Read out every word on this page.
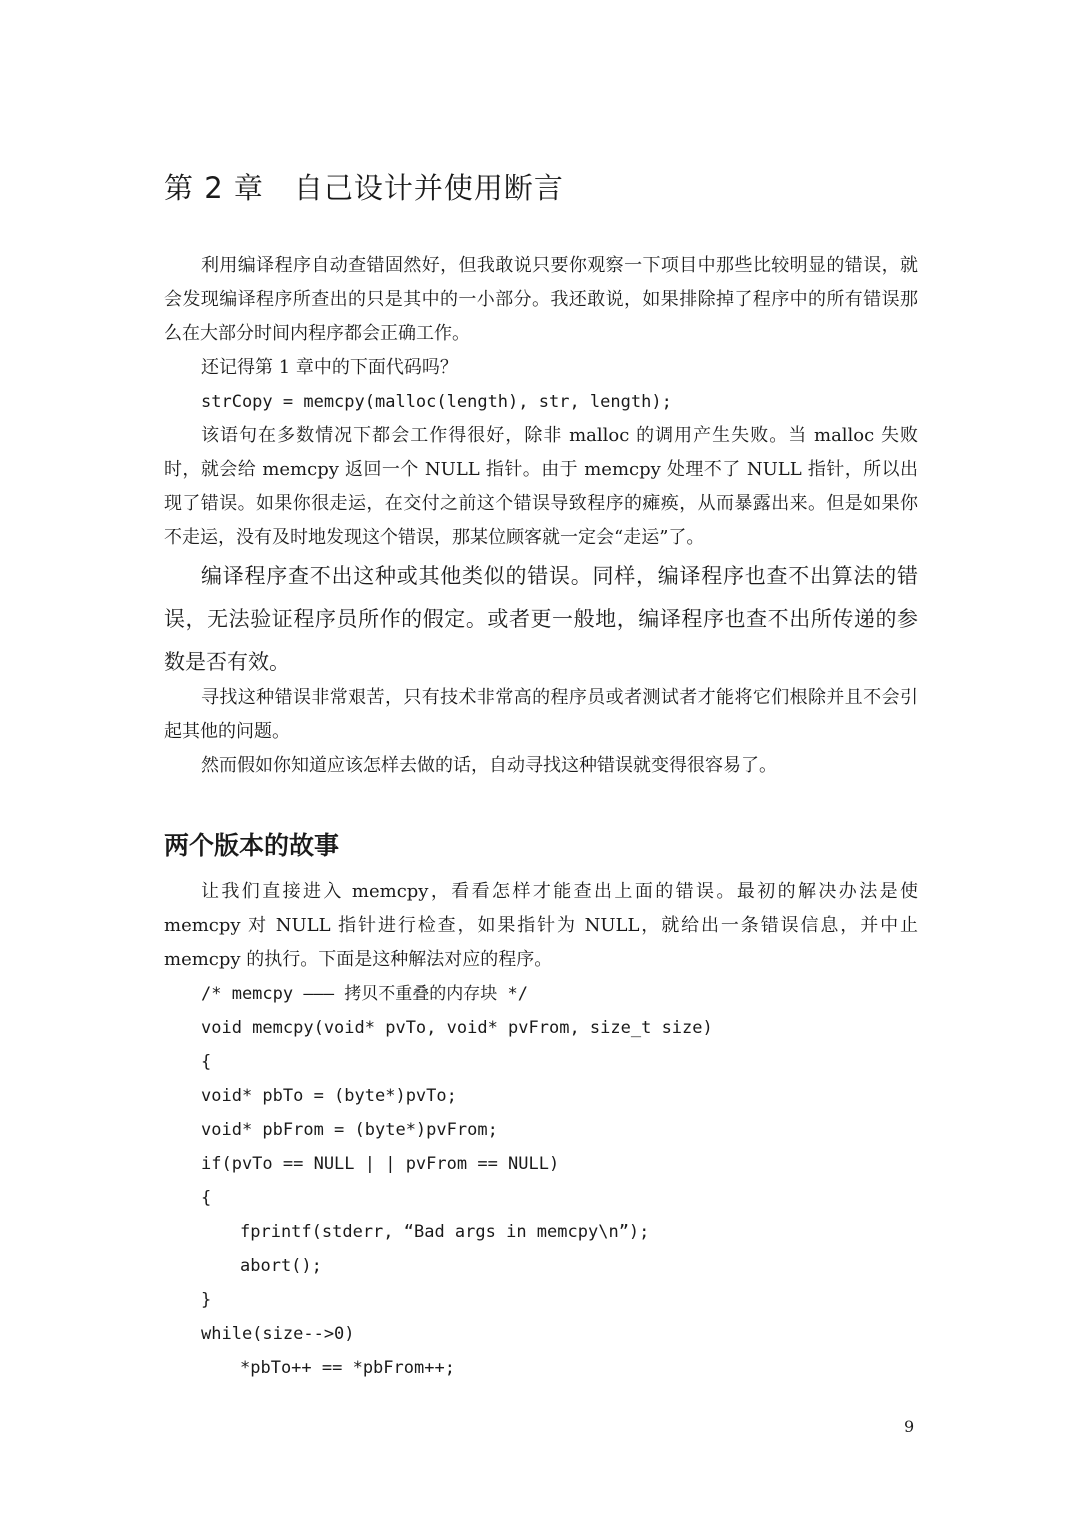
第 2 章 自己设计并使用断言

利用编译程序自动查错固然好，但我敢说只要你观察一下项目中那些比较明显的错误，就会发现编译程序所查出的只是其中的一小部分。我还敢说，如果排除掉了程序中的所有错误那么在大部分时间内程序都会正确工作。

还记得第 1 章中的下面代码吗？

strCopy = memcpy(malloc(length), str, length);

该语句在多数情况下都会工作得很好，除非 malloc 的调用产生失败。当 malloc 失败时，就会给 memcpy 返回一个 NULL 指针。由于 memcpy 处理不了 NULL 指针，所以出现了错误。如果你很走运，在交付之前这个错误导致程序的瘫痪，从而暴露出来。但是如果你不走运，没有及时地发现这个错误，那某位顾客就一定会“走运”了。

编译程序查不出这种或其他类似的错误。同样，编译程序也查不出算法的错误，无法验证程序员所作的假定。或者更一般地，编译程序也查不出所传递的参数是否有效。

寻找这种错误非常艰苦，只有技术非常高的程序员或者测试者才能将它们根除并且不会引起其他的问题。

然而假如你知道应该怎样去做的话，自动寻找这种错误就变得很容易了。

两个版本的故事

让我们直接进入 memcpy，看看怎样才能查出上面的错误。最初的解决办法是使 memcpy 对 NULL 指针进行检查，如果指针为 NULL，就给出一条错误信息，并中止 memcpy 的执行。下面是这种解法对应的程序。

/* memcpy ——— 拷贝不重叠的内存块 */

void memcpy(void* pvTo, void* pvFrom, size_t size)

{

void* pbTo = (byte*)pvTo;

void* pbFrom = (byte*)pvFrom;

if(pvTo == NULL | | pvFrom == NULL)

{

fprintf(stderr, “Bad args in memcpy\n”);

abort();

}

while(size-->0)

*pbTo++ == *pbFrom++;

9
